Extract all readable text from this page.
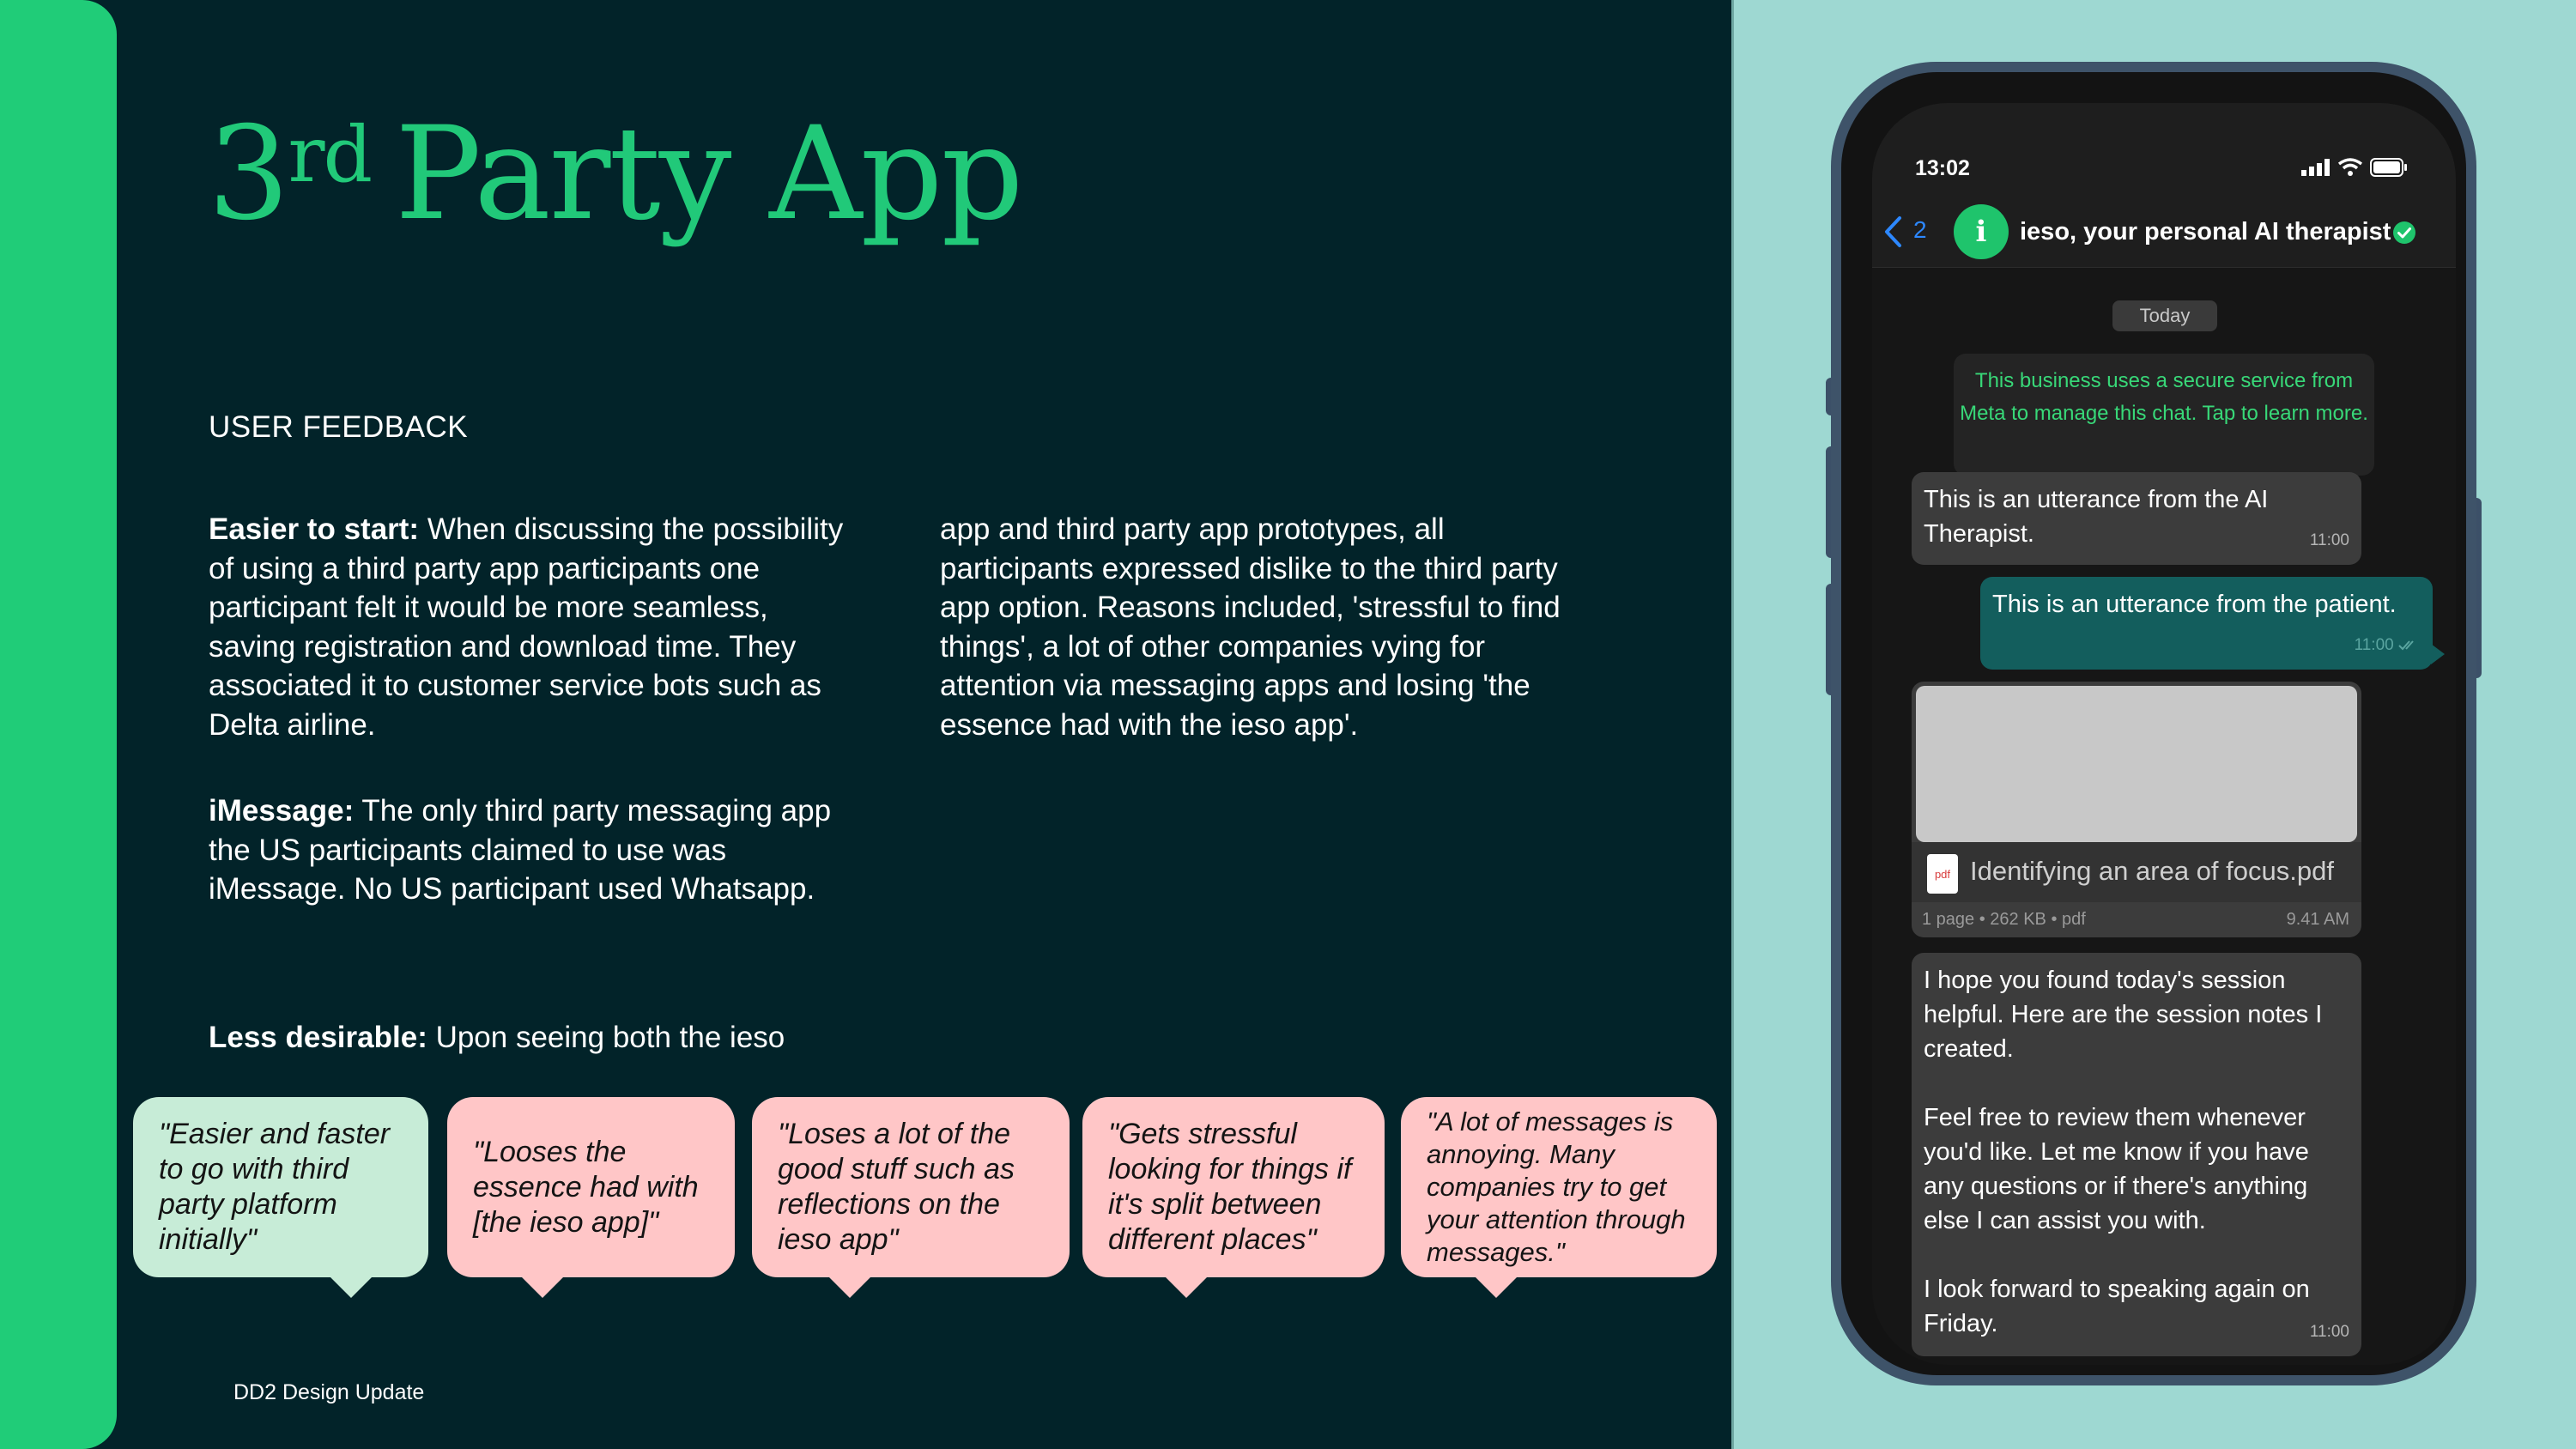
3rd Party App
USER FEEDBACK

Easier to start: When discussing the possibility of using a third party app participants one participant felt it would be more seamless, saving registration and download time. They associated it to customer service bots such as Delta airline.

iMessage: The only third party messaging app the US participants claimed to use was iMessage. No US participant used Whatsapp.

Less desirable: Upon seeing both the ieso

app and third party app prototypes, all participants expressed dislike to the third party app option. Reasons included, 'stressful to find things', a lot of other companies vying for attention via messaging apps and losing 'the essence had with the ieso app'.

"Easier and faster to go with third party platform initially"
"Looses the essence had with [the ieso app]"
"Loses a lot of the good stuff such as reflections on the ieso app"
"Gets stressful looking for things if it's split between different places"
"A lot of messages is annoying. Many companies try to get your attention through messages."
DD2 Design Update
13:02
2	i	ieso, your personal AI therapist
Today
This business uses a secure service from Meta to manage this chat. Tap to learn more.
This is an utterance from the AI Therapist.	11:00
This is an utterance from the patient.
11:00
pdf Identifying an area of focus.pdf
1 page • 262 KB • pdf	9.41 AM
I hope you found today's session helpful. Here are the session notes I created.

Feel free to review them whenever you'd like. Let me know if you have any questions or if there's anything else I can assist you with.

I look forward to speaking again on Friday.	11:00
